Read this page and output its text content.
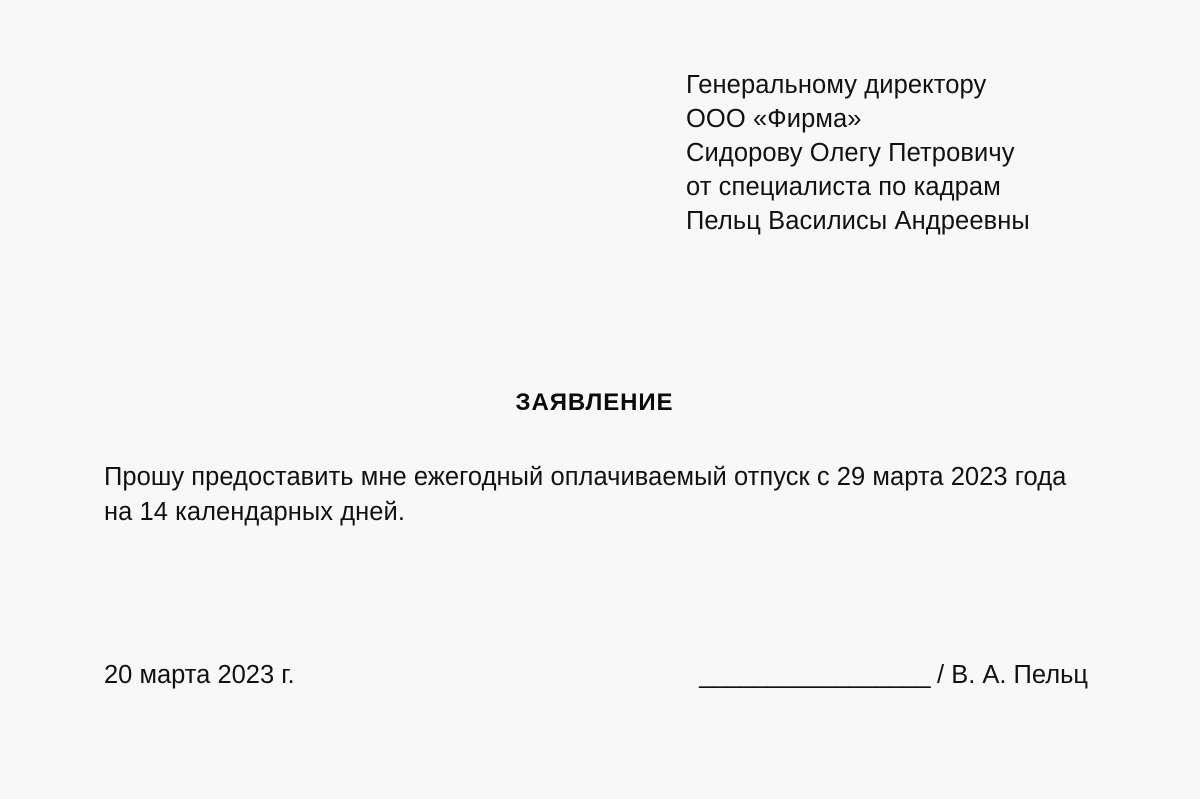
Генеральному директору
ООО «Фирма»
Сидорову Олегу Петровичу
от специалиста по кадрам
Пельц Василисы Андреевны
ЗАЯВЛЕНИЕ
Прошу предоставить мне ежегодный оплачиваемый отпуск с 29 марта 2023 года
на 14 календарных дней.
20 марта 2023 г.	_________________ / В. А. Пельц
